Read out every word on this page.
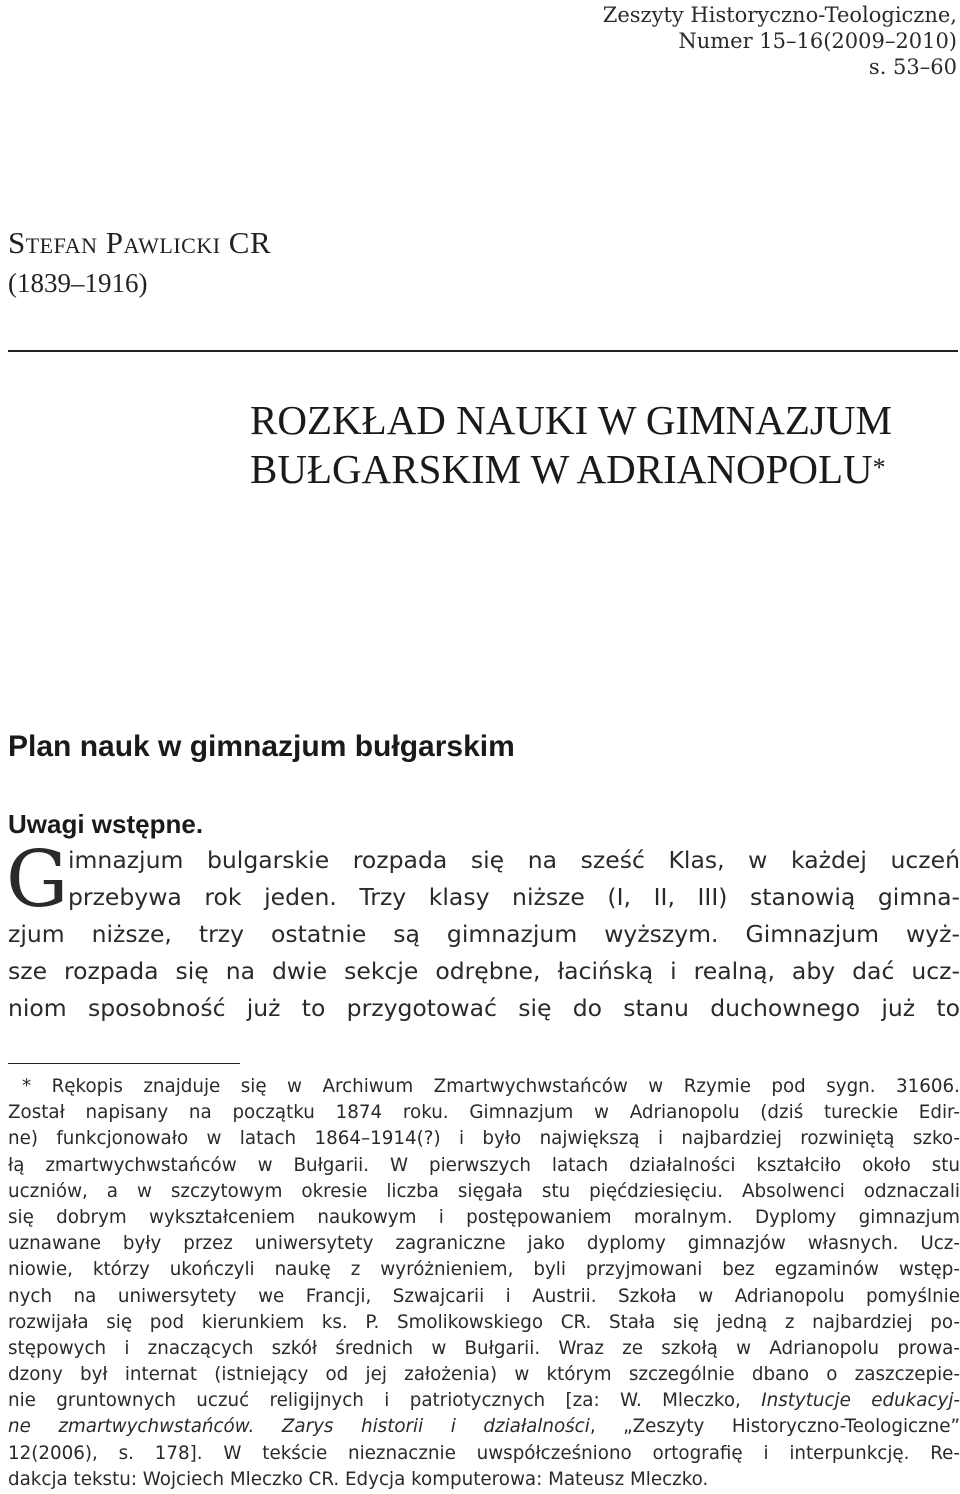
Zeszyty Historyczno-Teologiczne,
Numer 15–16(2009–2010)
s. 53–60
Stefan Pawlicki CR
(1839–1916)
ROZKŁAD NAUKI W GIMNAZJUM
BUŁGARSKIM W ADRIANOPOLU*
Plan nauk w gimnazjum bułgarskim
Uwagi wstępne.
G imnazjum bulgarskie rozpada się na sześć Klas, w każdej uczeń
przebywa rok jeden. Trzy klasy niższe (I, II, III) stanowią gimna-
zjum niższe, trzy ostatnie są gimnazjum wyższym. Gimnazjum wyż-
sze rozpada się na dwie sekcje odrębne, łacińską i realną, aby dać ucz-
niom sposobność już to przygotować się do stanu duchownego już to
* Rękopis znajduje się w Archiwum Zmartwychwstańców w Rzymie pod sygn. 31606.
Został napisany na początku 1874 roku. Gimnazjum w Adrianopolu (dziś tureckie Edir-
ne) funkcjonowało w latach 1864–1914(?) i było największą i najbardziej rozwiniętą szko-
łą zmartwychwstańców w Bułgarii. W pierwszych latach działalności kształciło około stu
uczniów, a w szczytowym okresie liczba sięgała stu pięćdziesięciu. Absolwenci odznaczali
się dobrym wykształceniem naukowym i postępowaniem moralnym. Dyplomy gimnazjum
uznawane były przez uniwersytety zagraniczne jako dyplomy gimnazjów własnych. Ucz-
niowie, którzy ukończyli naukę z wyróżnieniem, byli przyjmowani bez egzaminów wstęp-
nych na uniwersytety we Francji, Szwajcarii i Austrii. Szkoła w Adrianopolu pomyślnie
rozwijała się pod kierunkiem ks. P. Smolikowskiego CR. Stała się jedną z najbardziej po-
stępowych i znaczących szkół średnich w Bułgarii. Wraz ze szkołą w Adrianopolu prowa-
dzony był internat (istniejący od jej założenia) w którym szczególnie dbano o zaszczepie-
nie gruntownych uczuć religijnych i patriotycznych [za: W. Mleczko, Instytucje edukacyj-
ne zmartwychwstańców. Zarys historii i działalności, „Zeszyty Historyczno-Teologiczne”
12(2006), s. 178]. W tekście nieznacznie uwspółcześniono ortografię i interpunkcję. Re-
dakcja tekstu: Wojciech Mleczko CR. Edycja komputerowa: Mateusz Mleczko.
